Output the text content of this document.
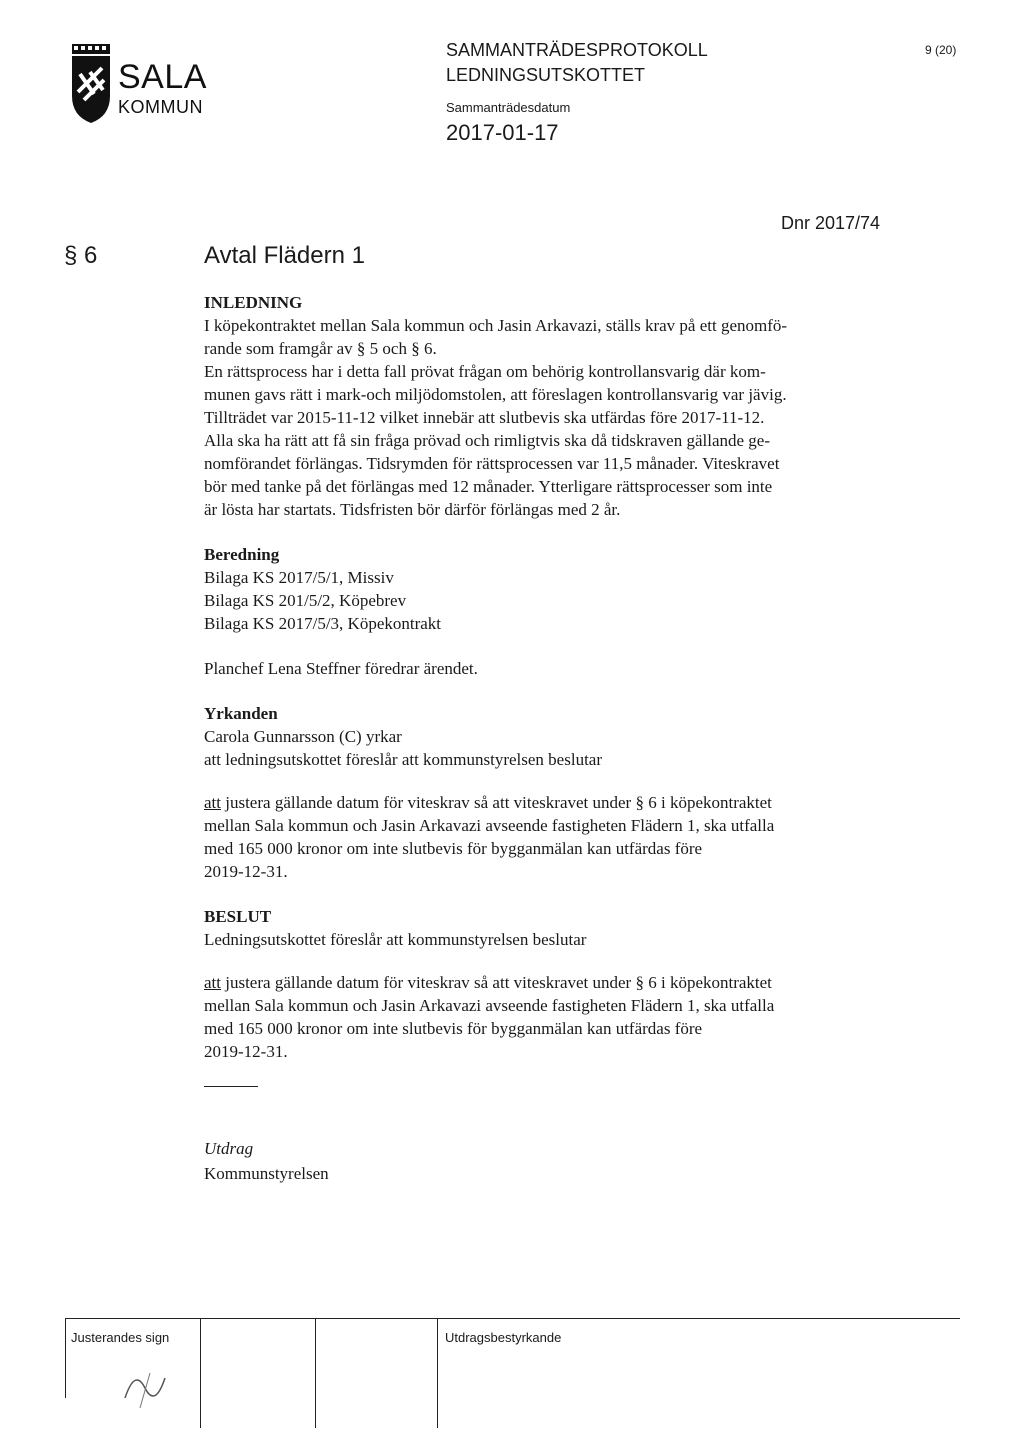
SALA
KOMMUN
SAMMANTRÄDESPROTOKOLL
LEDNINGSUTSKOTTET
Sammanträdesdatum
2017-01-17
9 (20)
Dnr 2017/74
§ 6	Avtal Flädern 1

INLEDNING

I köpekontraktet mellan Sala kommun och Jasin Arkavazi, ställs krav på ett genomfö-

rande som framgår av § 5 och § 6.

En rättsprocess har i detta fall prövat frågan om behörig kontrollansvarig där kom-

munen gavs rätt i mark-och miljödomstolen, att föreslagen kontrollansvarig var jävig.

Tillträdet var 2015-11-12 vilket innebär att slutbevis ska utfärdas före 2017-11-12.

Alla ska ha rätt att få sin fråga prövad och rimligtvis ska då tidskraven gällande ge-

nomförandet förlängas. Tidsrymden för rättsprocessen var 11,5 månader. Viteskravet

bör med tanke på det förlängas med 12 månader. Ytterligare rättsprocesser som inte

är lösta har startats. Tidsfristen bör därför förlängas med 2 år.

Beredning

Bilaga KS 2017/5/1, Missiv

Bilaga KS 201/5/2, Köpebrev

Bilaga KS 2017/5/3, Köpekontrakt

Planchef Lena Steffner föredrar ärendet.

Yrkanden

Carola Gunnarsson (C) yrkar

att ledningsutskottet föreslår att kommunstyrelsen beslutar

att justera gällande datum för viteskrav så att viteskravet under § 6 i köpekontraktet

mellan Sala kommun och Jasin Arkavazi avseende fastigheten Flädern 1, ska utfalla

med 165 000 kronor om inte slutbevis för bygganmälan kan utfärdas före

2019-12-31.

BESLUT

Ledningsutskottet föreslår att kommunstyrelsen beslutar

att justera gällande datum för viteskrav så att viteskravet under § 6 i köpekontraktet

mellan Sala kommun och Jasin Arkavazi avseende fastigheten Flädern 1, ska utfalla

med 165 000 kronor om inte slutbevis för bygganmälan kan utfärdas före

2019-12-31.

Utdrag
Kommunstyrelsen
Justerandes sign	Utdragsbestyrkande
